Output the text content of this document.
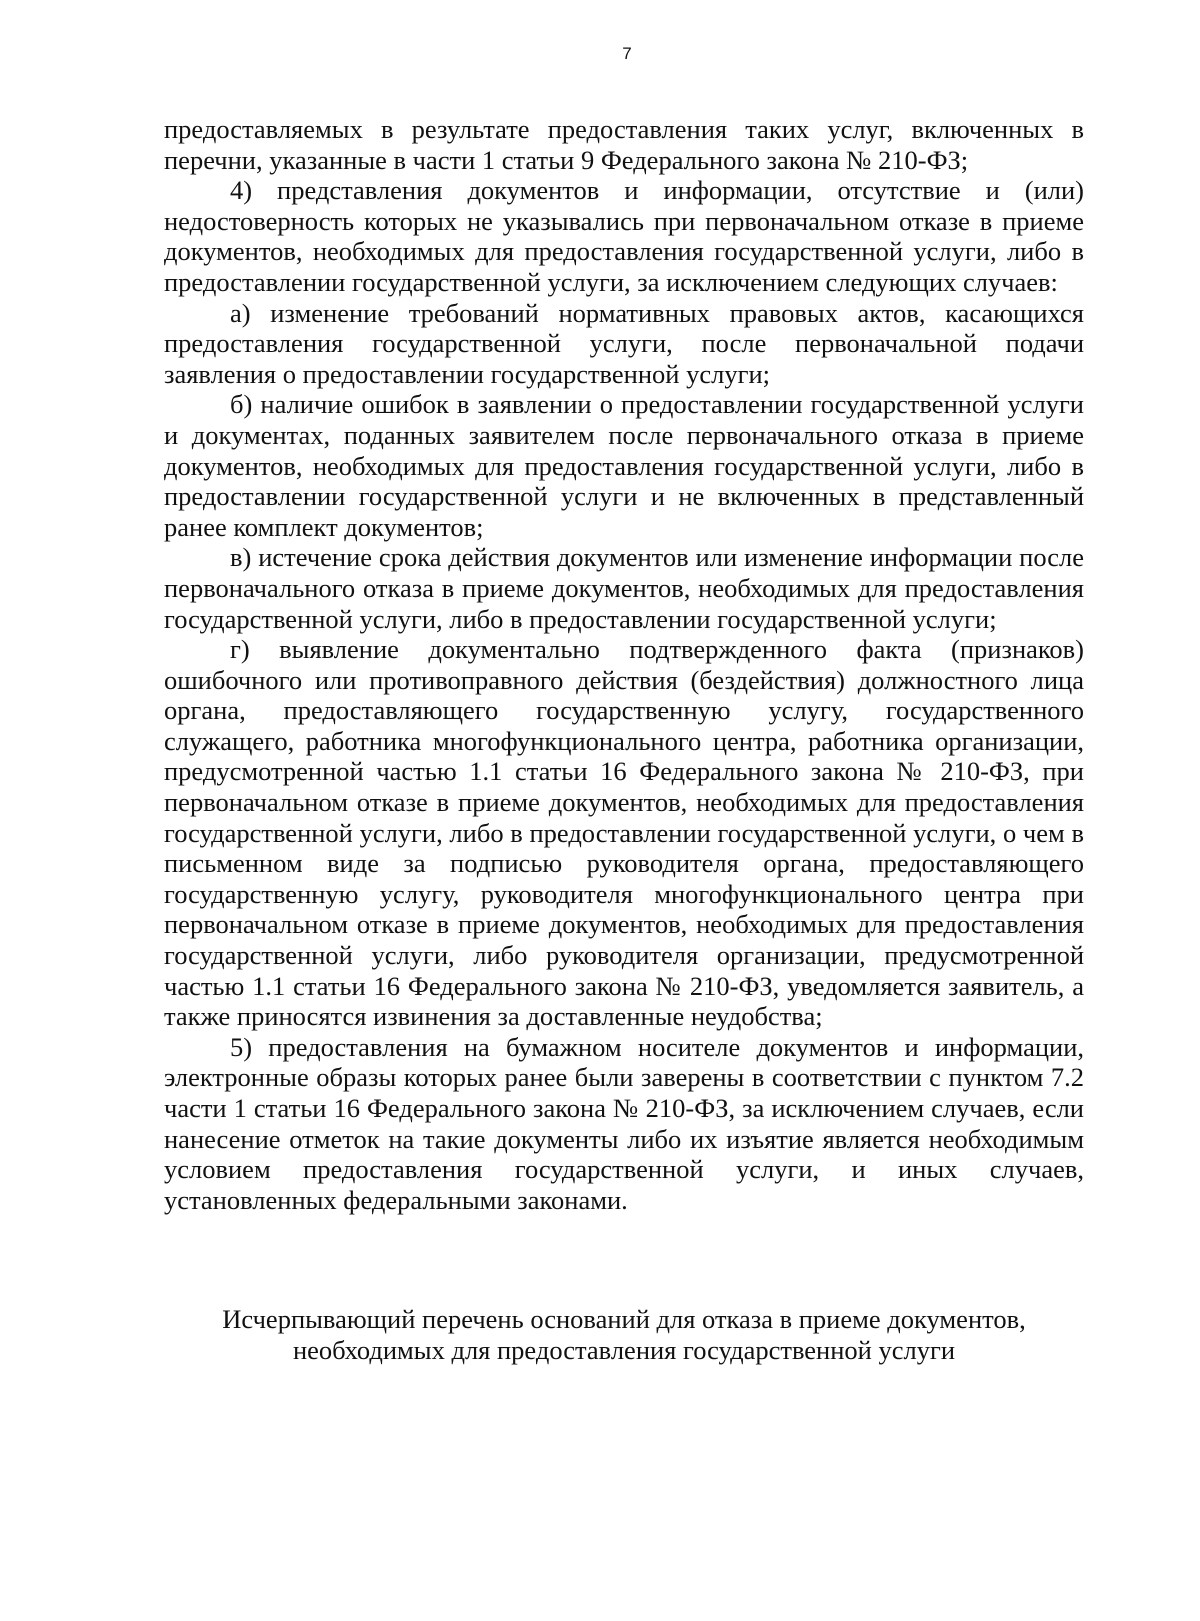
7

предоставляемых в результате предоставления таких услуг, включенных в перечни, указанные в части 1 статьи 9 Федерального закона № 210-ФЗ;

4) представления документов и информации, отсутствие и (или) недостоверность которых не указывались при первоначальном отказе в приеме документов, необходимых для предоставления государственной услуги, либо в предоставлении государственной услуги, за исключением следующих случаев:

а) изменение требований нормативных правовых актов, касающихся предоставления государственной услуги, после первоначальной подачи заявления о предоставлении государственной услуги;

б) наличие ошибок в заявлении о предоставлении государственной услуги и документах, поданных заявителем после первоначального отказа в приеме документов, необходимых для предоставления государственной услуги, либо в предоставлении государственной услуги и не включенных в представленный ранее комплект документов;

в) истечение срока действия документов или изменение информации после первоначального отказа в приеме документов, необходимых для предоставления государственной услуги, либо в предоставлении государственной услуги;

г) выявление документально подтвержденного факта (признаков) ошибочного или противоправного действия (бездействия) должностного лица органа, предоставляющего государственную услугу, государственного служащего, работника многофункционального центра, работника организации, предусмотренной частью 1.1 статьи 16 Федерального закона № 210-ФЗ, при первоначальном отказе в приеме документов, необходимых для предоставления государственной услуги, либо в предоставлении государственной услуги, о чем в письменном виде за подписью руководителя органа, предоставляющего государственную услугу, руководителя многофункционального центра при первоначальном отказе в приеме документов, необходимых для предоставления государственной услуги, либо руководителя организации, предусмотренной частью 1.1 статьи 16 Федерального закона № 210-ФЗ, уведомляется заявитель, а также приносятся извинения за доставленные неудобства;

5) предоставления на бумажном носителе документов и информации, электронные образы которых ранее были заверены в соответствии с пунктом 7.2 части 1 статьи 16 Федерального закона № 210-ФЗ, за исключением случаев, если нанесение отметок на такие документы либо их изъятие является необходимым условием предоставления государственной услуги, и иных случаев, установленных федеральными законами.

Исчерпывающий перечень оснований для отказа в приеме документов,
необходимых для предоставления государственной услуги
